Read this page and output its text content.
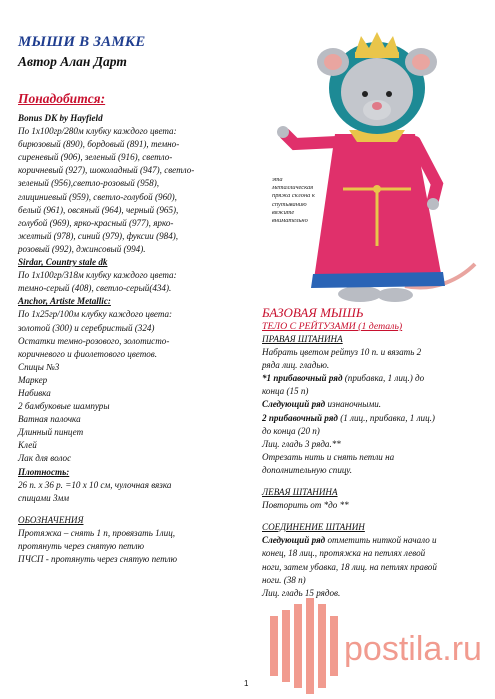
МЫШИ В ЗАМКЕ
Автор Алан Дарт
Понадобится:
Bonus DK by Hayfield
По 1х100гр/280м клубку каждого цвета:
бирюзовый (890), бордовый (891), темно-
сиреневый (906), зеленый (916), светло-
коричневый (927), шоколадный (947), светло-
зеленый (956),светло-розовый (958),
глициниевый (959), светло-голубой (960),
белый (961), овсяный (964), черный (965),
голубой (969), ярко-красный (977), ярко-
желтый (978), синий (979), фуксии (984),
розовый (992), джинсовый (994).
Sirdar, Country stale dk
По 1х100гр/318м клубку каждого цвета:
темно-серый (408), светло-серый(434).
Anchor, Artiste Metallic:
По 1х25гр/100м клубку каждого цвета:
золотой (300) и серебристый (324)
Остатки темно-розового, золотисто-
коричневого и фиолетового цветов.
Спицы №3
Маркер
Набивка
2 бамбуковые шампуры
Ватная палочка
Длинный пинцет
Клей
Лак для волос
Плотность:
26 п. х 36 р. =10 х 10 см, чулочная вязка
спицами 3мм
ОБОЗНАЧЕНИЯ
Протяжка – снять 1 п, провязать 1лиц,
протянуть через снятую петлю
ПЧСП - протянуть через снятую петлю
эта
металлическая
пряжа склона к
спутыванию
вяжите
внимательно
БАЗОВАЯ МЫШЬ
ТЕЛО С РЕЙТУЗАМИ (1 деталь)
ПРАВАЯ ШТАНИНА
Набрать цветом рейтуз 10 п. и вязать 2
ряда лиц. гладью.
*1 прибавочный ряд (прибавка, 1 лиц.) до
конца (15 п)
Следующий ряд изнаночными.
2 прибавочный ряд (1 лиц., прибавка, 1 лиц.)
до конца (20 п)
Лиц. гладь 3 ряда.**
Отрезать нить и снять петли на
дополнительную спицу.
ЛЕВАЯ ШТАНИНА
Повторить от *до **
СОЕДИНЕНИЕ ШТАНИН
Следующий ряд отметить ниткой начало и
конец, 18 лиц., протяжка на петлях левой
ноги, затем убавка, 18 лиц. на петлях правой
ноги. (38 п)
Лиц. гладь 15 рядов.
postila.ru
1
